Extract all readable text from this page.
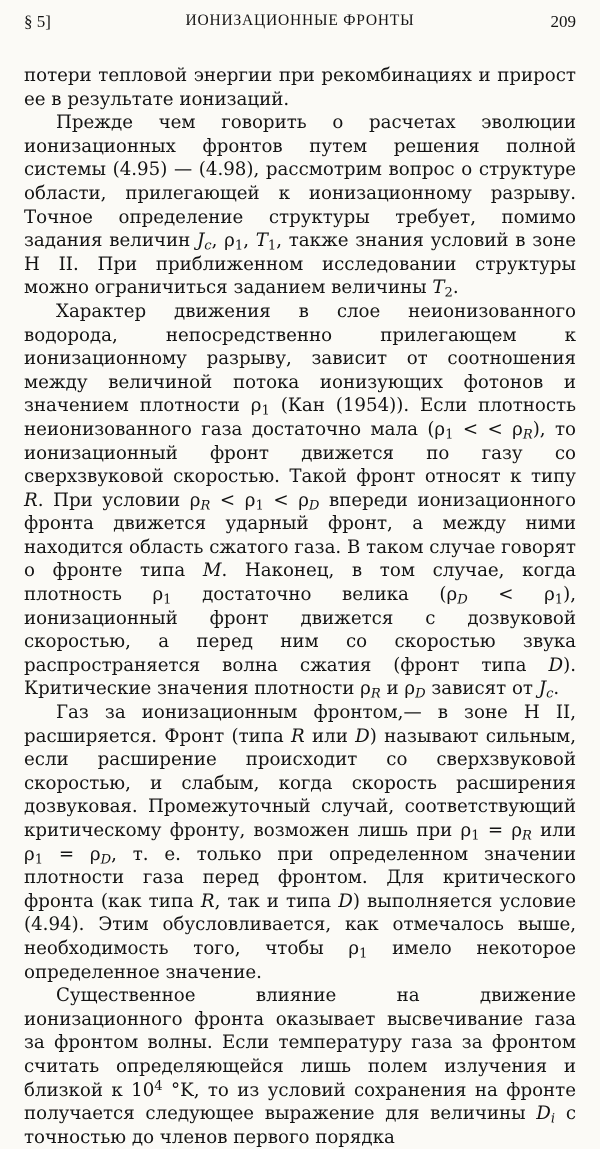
§ 5]	ИОНИЗАЦИОННЫЕ ФРОНТЫ	209

потери тепловой энергии при рекомбинациях и прирост ее в результате ионизаций.

Прежде чем говорить о расчетах эволюции ионизационных фронтов путем решения полной системы (4.95) — (4.98), рассмотрим вопрос о структуре области, прилегающей к ионизационному разрыву. Точное определение структуры требует, помимо задания величин $J_c$, $\rho_1$, $T_1$, также знания условий в зоне H II. При приближенном исследовании структуры можно ограничиться заданием величины $T_2$.

Характер движения в слое неионизованного водорода, непосредственно прилегающем к ионизационному разрыву, зависит от соотношения между величиной потока ионизующих фотонов и значением плотности $\rho_1$ (Кан (1954)). Если плотность неионизованного газа достаточно мала ($\rho_1$ < < $\rho_R$), то ионизационный фронт движется по газу со сверхзвуковой скоростью. Такой фронт относят к типу R. При условии $\rho_R < \rho_1 < \rho_D$ впереди ионизационного фронта движется ударный фронт, а между ними находится область сжатого газа. В таком случае говорят о фронте типа M. Наконец, в том случае, когда плотность $\rho_1$ достаточно велика $(\rho_D < \rho_1)$, ионизационный фронт движется с дозвуковой скоростью, а перед ним со скоростью звука распространяется волна сжатия (фронт типа D). Критические значения плотности $\rho_R$ и $\rho_D$ зависят от $J_c$.

Газ за ионизационным фронтом,— в зоне H II, расширяется. Фронт (типа R или D) называют сильным, если расширение происходит со сверхзвуковой скоростью, и слабым, когда скорость расширения дозвуковая. Промежуточный случай, соответствующий критическому фронту, возможен лишь при $\rho_1 = \rho_R$ или $\rho_1 = \rho_D$, т. е. только при определенном значении плотности газа перед фронтом. Для критического фронта (как типа R, так и типа D) выполняется условие (4.94). Этим обусловливается, как отмечалось выше, необходимость того, чтобы $\rho_1$ имело некоторое определенное значение.

Существенное влияние на движение ионизационного фронта оказывает высвечивание газа за фронтом волны. Если температуру газа за фронтом считать определяющейся лишь полем излучения и близкой к $10^4$ °K, то из условий сохранения на фронте получается следующее выражение для величины $D_i$ с точностью до членов первого порядка
